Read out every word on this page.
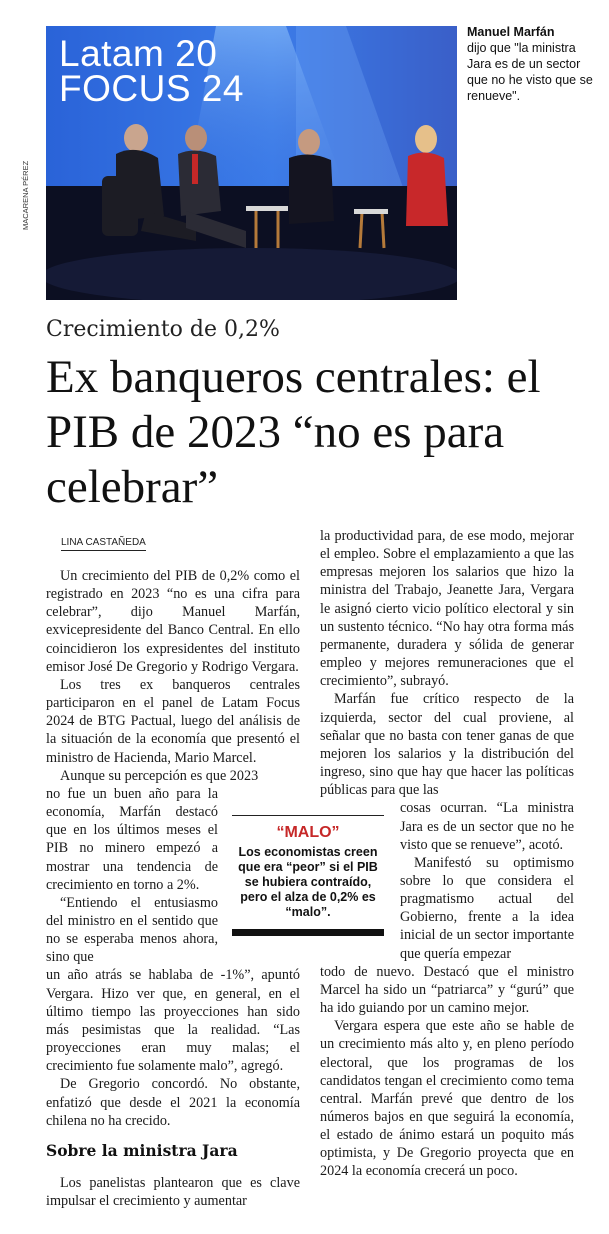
Latam 20
FOCUS 24
MACARENA PÉREZ
Manuel Marfán
dijo que "la ministra Jara es de un sector que no he visto que se renueve".
Crecimiento de 0,2%
Ex banqueros centrales: el PIB de 2023 “no es para celebrar”
LINA CASTAÑEDA

Un crecimiento del PIB de 0,2% como el registrado en 2023 “no es una cifra para celebrar”, dijo Manuel Marfán, exvicepresidente del Banco Central. En ello coincidieron los expresidentes del instituto emisor José De Gregorio y Rodrigo Vergara.

Los tres ex banqueros centrales participaron en el panel de Latam Focus 2024 de BTG Pactual, luego del análisis de la situación de la economía que presentó el ministro de Hacienda, Mario Marcel.

Aunque su percepción es que 2023

no fue un buen año para la economía, Marfán destacó que en los últimos meses el PIB no minero empezó a mostrar una tendencia de crecimiento en torno a 2%.

“Entiendo el entusiasmo del ministro en el sentido que no se esperaba menos ahora, sino que

un año atrás se hablaba de -1%”, apuntó Vergara. Hizo ver que, en general, en el último tiempo las proyecciones han sido más pesimistas que la realidad. “Las proyecciones eran muy malas; el crecimiento fue solamente malo”, agregó.

De Gregorio concordó. No obstante, enfatizó que desde el 2021 la economía chilena no ha crecido.

Sobre la ministra Jara

Los panelistas plantearon que es clave impulsar el crecimiento y aumentar

la productividad para, de ese modo, mejorar el empleo. Sobre el emplazamiento a que las empresas mejoren los salarios que hizo la ministra del Trabajo, Jeanette Jara, Vergara le asignó cierto vicio político electoral y sin un sustento técnico. “No hay otra forma más permanente, duradera y sólida de generar empleo y mejores remuneraciones que el crecimiento”, subrayó.

Marfán fue crítico respecto de la izquierda, sector del cual proviene, al señalar que no basta con tener ganas de que mejoren los salarios y la distribución del ingreso, sino que hay que hacer las políticas públicas para que las

cosas ocurran. “La ministra Jara es de un sector que no he visto que se renueve”, acotó.

Manifestó su optimismo sobre lo que considera el pragmatismo actual del Gobierno, frente a la idea inicial de un sector importante que quería empezar

todo de nuevo. Destacó que el ministro Marcel ha sido un “patriarca” y “gurú” que ha ido guiando por un camino mejor.

Vergara espera que este año se hable de un crecimiento más alto y, en pleno período electoral, que los programas de los candidatos tengan el crecimiento como tema central. Marfán prevé que dentro de los números bajos en que seguirá la economía, el estado de ánimo estará un poquito más optimista, y De Gregorio proyecta que en 2024 la economía crecerá un poco.

“MALO”
Los economistas creen que era “peor” si el PIB se hubiera contraído, pero el alza de 0,2% es “malo”.
